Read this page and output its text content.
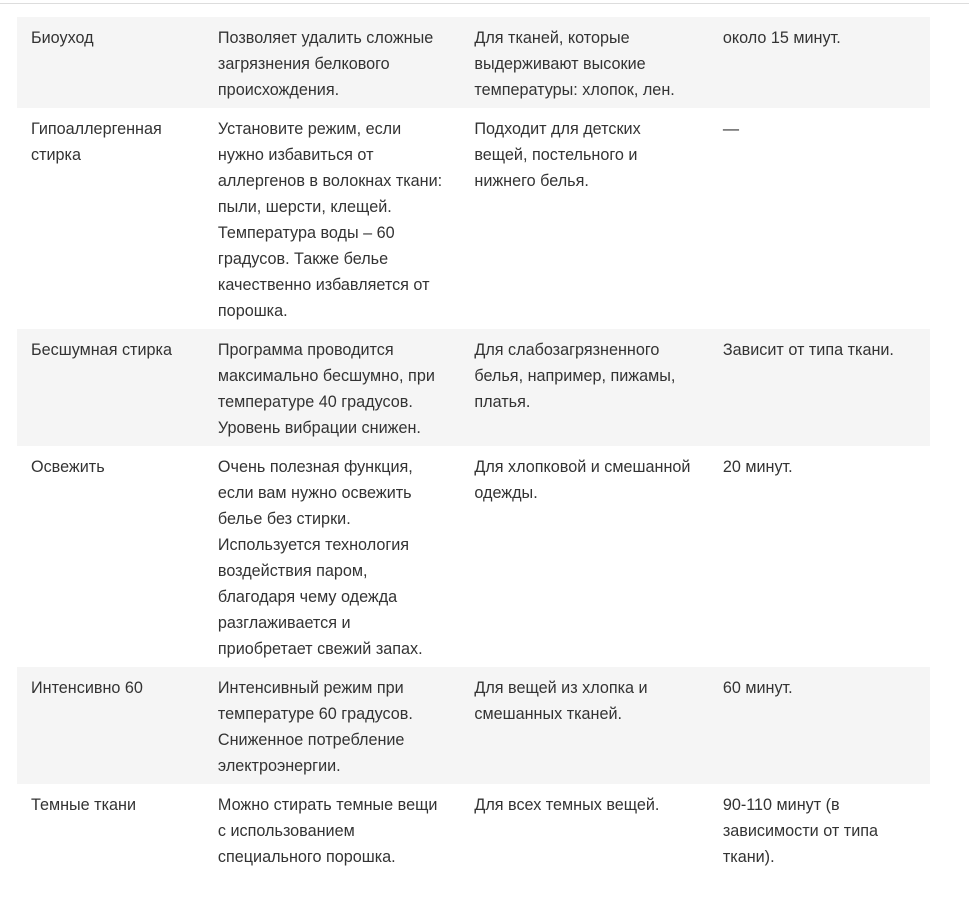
Биоуход	Позволяет удалить сложные загрязнения белкового происхождения.	Для тканей, которые выдерживают высокие температуры: хлопок, лен.	около 15 минут.
Гипоаллергенная стирка	Установите режим, если нужно избавиться от аллергенов в волокнах ткани: пыли, шерсти, клещей. Температура воды – 60 градусов. Также белье качественно избавляется от порошка.	Подходит для детских вещей, постельного и нижнего белья.	—
Бесшумная стирка	Программа проводится максимально бесшумно, при температуре 40 градусов. Уровень вибрации снижен.	Для слабозагрязненного белья, например, пижамы, платья.	Зависит от типа ткани.
Освежить	Очень полезная функция, если вам нужно освежить белье без стирки. Используется технология воздействия паром, благодаря чему одежда разглаживается и приобретает свежий запах.	Для хлопковой и смешанной одежды.	20 минут.
Интенсивно 60	Интенсивный режим при температуре 60 градусов. Сниженное потребление электроэнергии.	Для вещей из хлопка и смешанных тканей.	60 минут.
Темные ткани	Можно стирать темные вещи с использованием специального порошка.	Для всех темных вещей.	90-110 минут (в зависимости от типа ткани).
